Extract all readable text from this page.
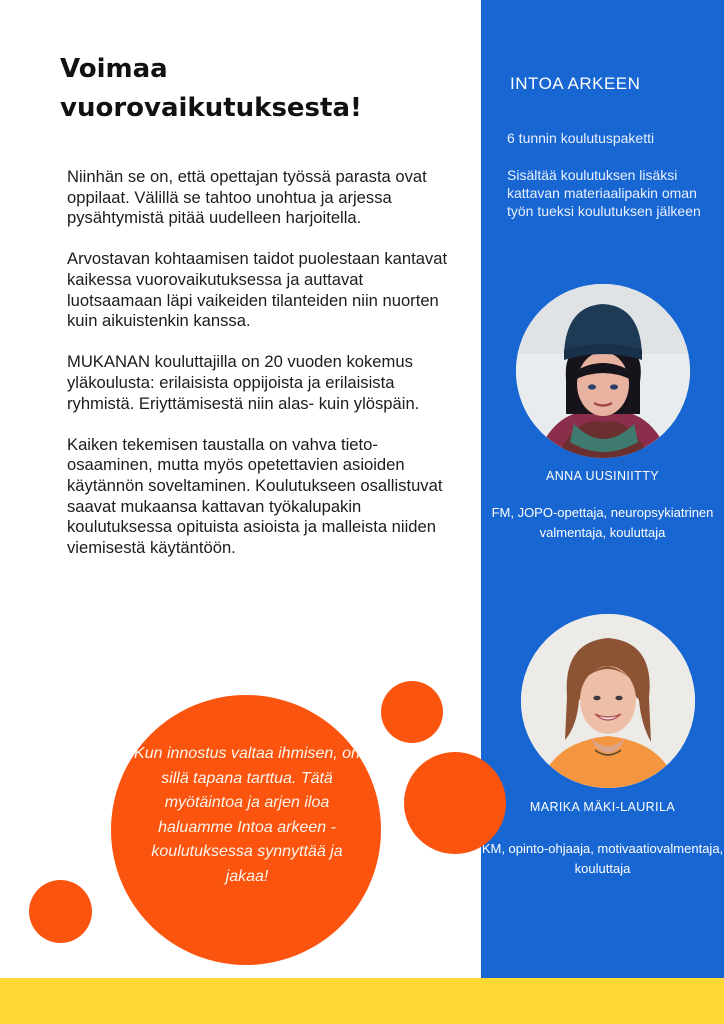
Voimaa vuorovaikutuksesta!

Niinhän se on, että opettajan työssä parasta ovat oppilaat. Välillä se tahtoo unohtua ja arjessa pysähtymistä pitää uudelleen harjoitella.

Arvostavan kohtaamisen taidot puolestaan kantavat kaikessa vuorovaikutuksessa ja auttavat luotsaamaan läpi vaikeiden tilanteiden niin nuorten kuin aikuistenkin kanssa.

MUKANAN kouluttajilla on 20 vuoden kokemus yläkoulusta: erilaisista oppijoista ja erilaisista ryhmistä. Eriyttämisestä niin alas- kuin ylöspäin.

Kaiken tekemisen taustalla on vahva tieto-osaaminen, mutta myös opetettavien asioiden käytännön soveltaminen. Koulutukseen osallistuvat saavat mukaansa kattavan työkalupakin koulutuksessa opituista asioista ja malleista niiden viemisestä käytäntöön.

INTOA ARKEEN

6 tunnin koulutuspaketti

Sisältää koulutuksen lisäksi kattavan materiaalipakin oman työn tueksi koulutuksen jälkeen

ANNA UUSINIITTY

FM, JOPO-opettaja, neuropsykiatrinen valmentaja, kouluttaja

MARIKA MÄKI-LAURILA

KM, opinto-ohjaaja, motivaatiovalmentaja, kouluttaja

Kun innostus valtaa ihmisen, on sillä tapana tarttua. Tätä myötäintoa ja arjen iloa haluamme Intoa arkeen -koulutuksessa synnyttää ja jakaa!
